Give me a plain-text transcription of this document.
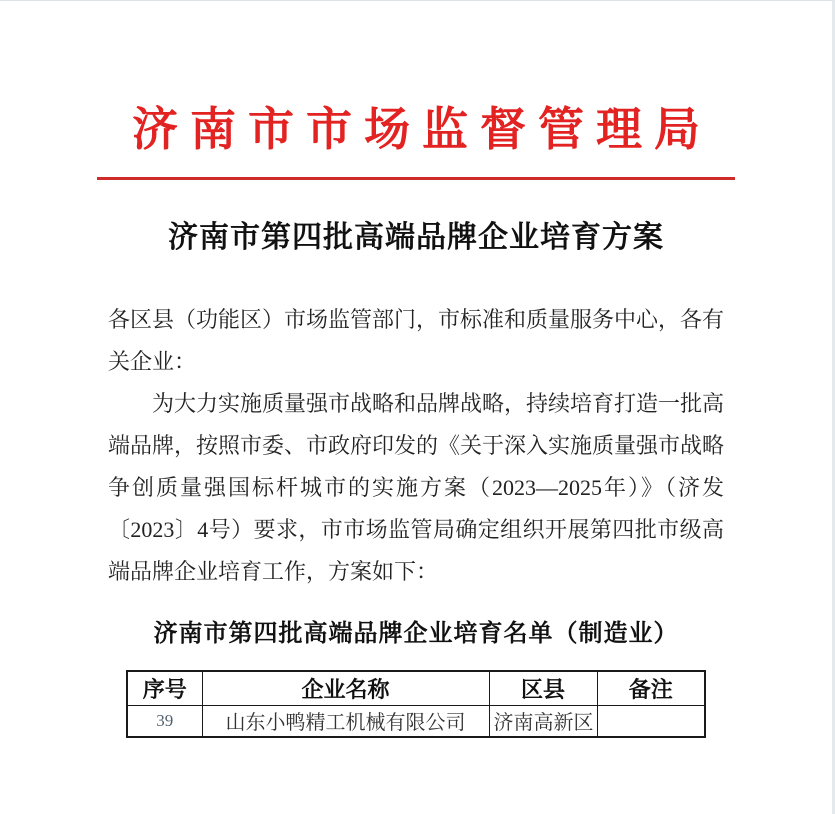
济南市市场监督管理局
济南市第四批高端品牌企业培育方案

各区县（功能区）市场监管部门，市标准和质量服务中心，各有关企业：

为大力实施质量强市战略和品牌战略，持续培育打造一批高端品牌，按照市委、市政府印发的《关于深入实施质量强市战略争创质量强国标杆城市的实施方案（2023—2025年）》（济发〔2023〕4号）要求，市市场监管局确定组织开展第四批市级高端品牌企业培育工作，方案如下：

济南市第四批高端品牌企业培育名单（制造业）
序号	企业名称	区县	备注
39	山东小鸭精工机械有限公司	济南高新区	
